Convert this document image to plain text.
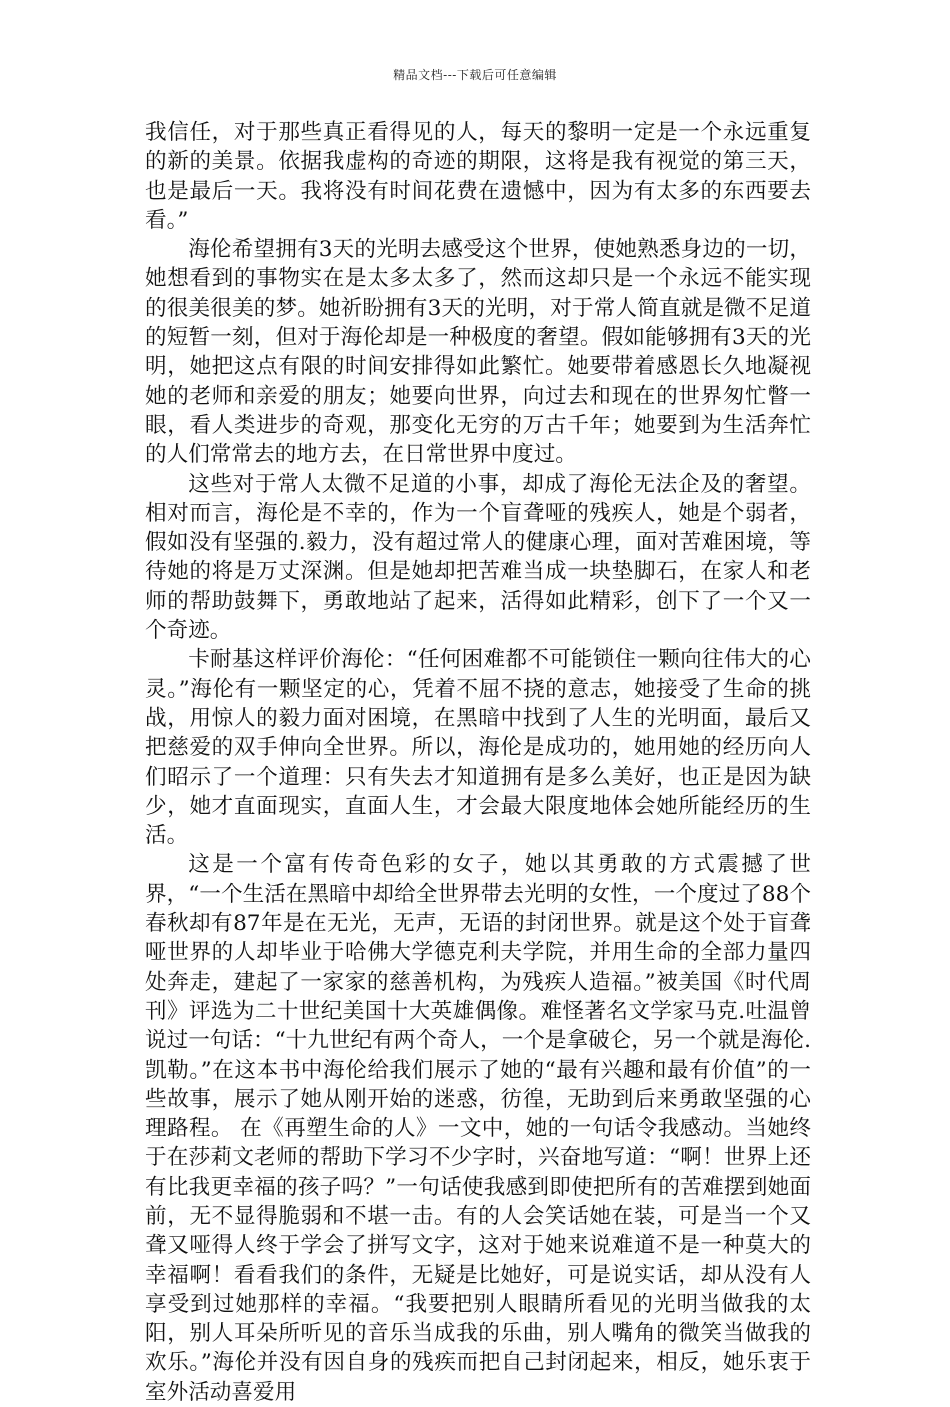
精品文档---下载后可任意编辑

我信任，对于那些真正看得见的人，每天的黎明一定是一个永远重复的新的美景。依据我虚构的奇迹的期限，这将是我有视觉的第三天，也是最后一天。我将没有时间花费在遗憾中，因为有太多的东西要去看。”

海伦希望拥有3天的光明去感受这个世界，使她熟悉身边的一切，她想看到的事物实在是太多太多了，然而这却只是一个永远不能实现的很美很美的梦。她祈盼拥有3天的光明，对于常人简直就是微不足道的短暂一刻，但对于海伦却是一种极度的奢望。假如能够拥有3天的光明，她把这点有限的时间安排得如此繁忙。她要带着感恩长久地凝视她的老师和亲爱的朋友；她要向世界，向过去和现在的世界匆忙瞥一眼，看人类进步的奇观，那变化无穷的万古千年；她要到为生活奔忙的人们常常去的地方去，在日常世界中度过。

这些对于常人太微不足道的小事，却成了海伦无法企及的奢望。相对而言，海伦是不幸的，作为一个盲聋哑的残疾人，她是个弱者，假如没有坚强的.毅力，没有超过常人的健康心理，面对苦难困境，等待她的将是万丈深渊。但是她却把苦难当成一块垫脚石，在家人和老师的帮助鼓舞下，勇敢地站了起来，活得如此精彩，创下了一个又一个奇迹。

卡耐基这样评价海伦：“任何困难都不可能锁住一颗向往伟大的心灵。”海伦有一颗坚定的心，凭着不屈不挠的意志，她接受了生命的挑战，用惊人的毅力面对困境，在黑暗中找到了人生的光明面，最后又把慈爱的双手伸向全世界。所以，海伦是成功的，她用她的经历向人们昭示了一个道理：只有失去才知道拥有是多么美好，也正是因为缺少，她才直面现实，直面人生，才会最大限度地体会她所能经历的生活。

这是一个富有传奇色彩的女子，她以其勇敢的方式震撼了世界，“一个生活在黑暗中却给全世界带去光明的女性，一个度过了88个春秋却有87年是在无光，无声，无语的封闭世界。就是这个处于盲聋哑世界的人却毕业于哈佛大学德克利夫学院，并用生命的全部力量四处奔走，建起了一家家的慈善机构，为残疾人造福。”被美国《时代周刊》评选为二十世纪美国十大英雄偶像。难怪著名文学家马克.吐温曾说过一句话：“十九世纪有两个奇人，一个是拿破仑，另一个就是海伦.凯勒。”在这本书中海伦给我们展示了她的“最有兴趣和最有价值”的一些故事，展示了她从刚开始的迷惑，彷徨，无助到后来勇敢坚强的心理路程。 在《再塑生命的人》一文中，她的一句话令我感动。当她终于在莎莉文老师的帮助下学习不少字时，兴奋地写道：“啊！世界上还有比我更幸福的孩子吗？”一句话使我感到即使把所有的苦难摆到她面前，无不显得脆弱和不堪一击。有的人会笑话她在装，可是当一个又聋又哑得人终于学会了拼写文字，这对于她来说难道不是一种莫大的幸福啊！看看我们的条件，无疑是比她好，可是说实话，却从没有人享受到过她那样的幸福。“我要把别人眼睛所看见的光明当做我的太阳，别人耳朵所听见的音乐当成我的乐曲，别人嘴角的微笑当做我的欢乐。”海伦并没有因自身的残疾而把自己封闭起来，相反，她乐衷于室外活动喜爱用
